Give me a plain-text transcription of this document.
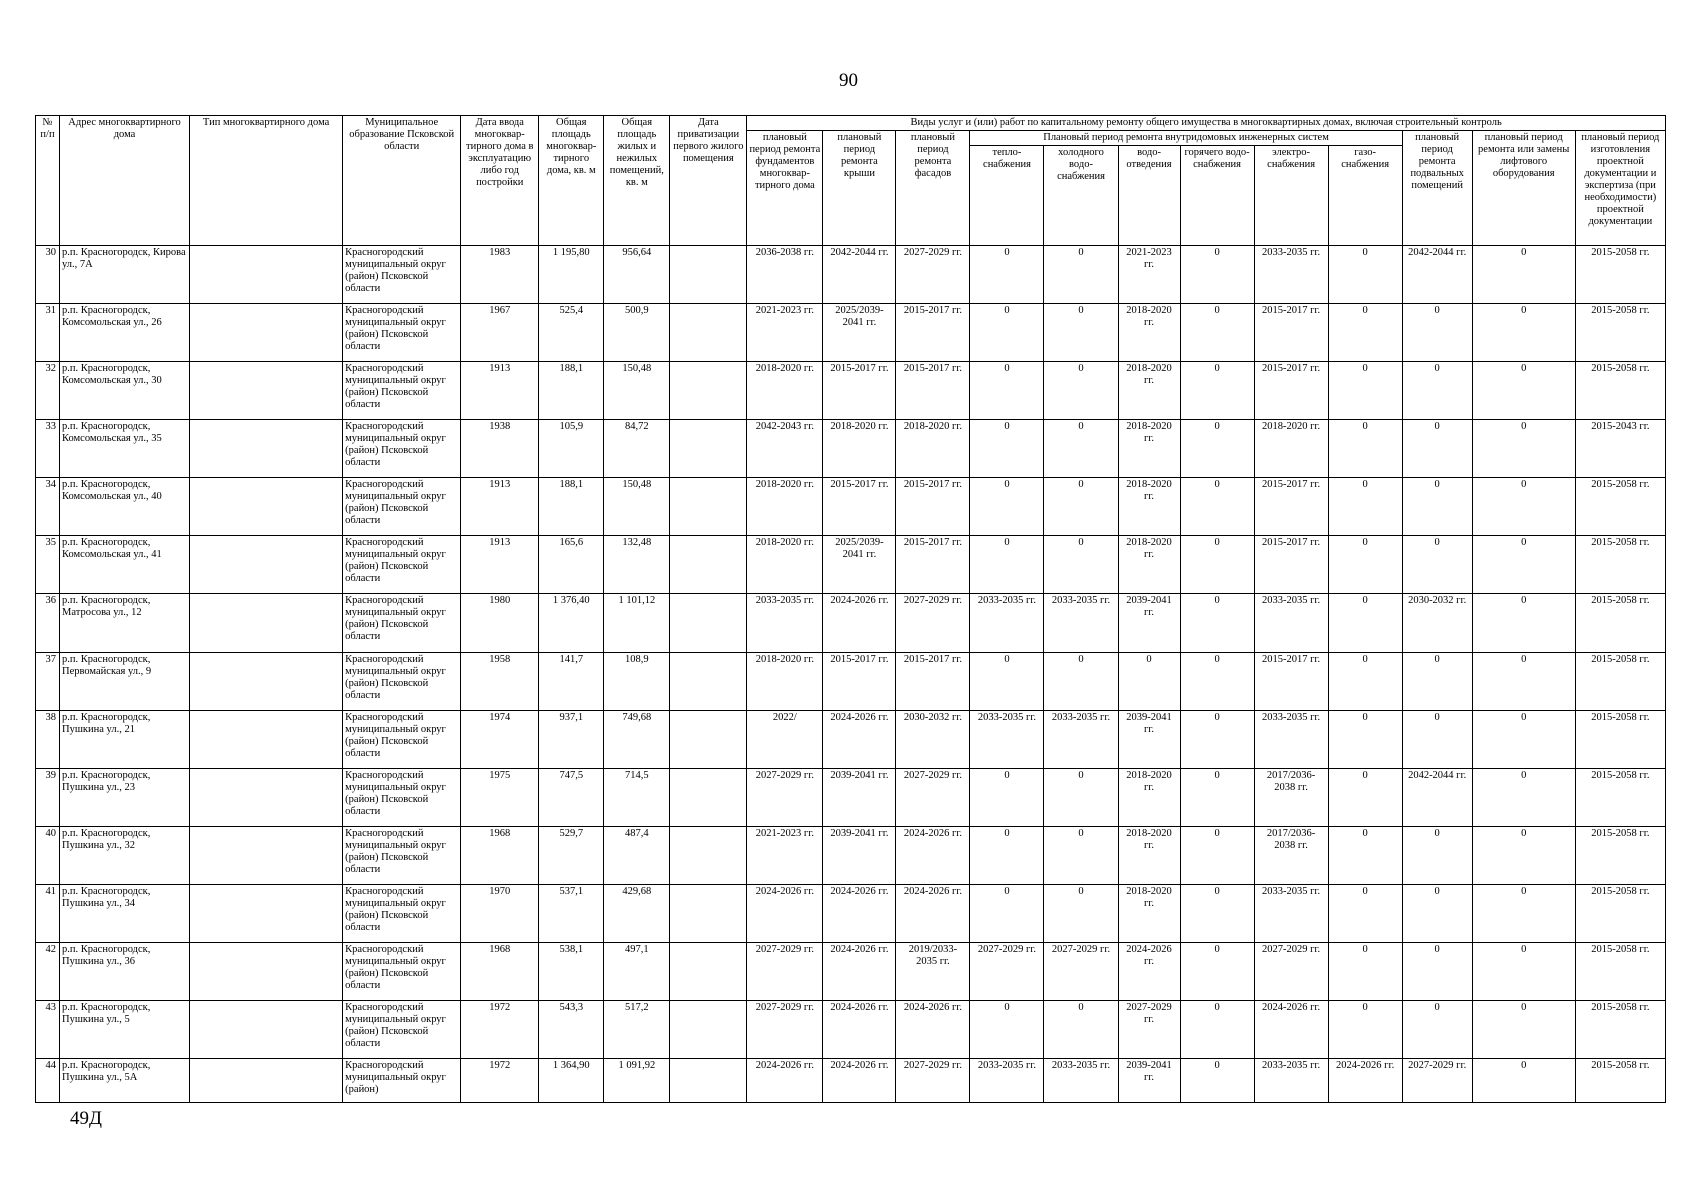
90
№ п/п	Адрес многоквартирного дома	Тип многоквартирного дома	Муниципальное образование Псковской области	Дата ввода многоквар-тирного дома в эксплуатацию либо год постройки	Общая площадь многоквар-тирного дома, кв. м	Общая площадь жилых и нежилых помещений, кв. м	Дата приватизации первого жилого помещения	Виды услуг и (или) работ по капитальному ремонту общего имущества в многоквартирных домах, включая строительный контроль											
								плановый период ремонта фундаментов многоквар-тирного дома	плановый период ремонта крыши	плановый период ремонта фасадов	Плановый период ремонта внутридомовых инженерных систем						плановый период ремонта подвальных помещений	плановый период ремонта или замены лифтового оборудования	плановый период изготовления проектной документации и экспертиза (при необходимости) проектной документации
											тепло-снабжения	холодного водо-снабжения	водо-отведения	горячего водо-снабжения	электро-снабжения	газо-снабжения			
30	р.п. Красногородск, Кирова ул., 7А		Красногородский муниципальный округ (район) Псковской области	1983	1 195,80	956,64		2036-2038 гг.	2042-2044 гг.	2027-2029 гг.	0	0	2021-2023 гг.	0	2033-2035 гг.	0	2042-2044 гг.	0	2015-2058 гг.
31	р.п. Красногородск, Комсомольская ул., 26		Красногородский муниципальный округ (район) Псковской области	1967	525,4	500,9		2021-2023 гг.	2025/2039-2041 гг.	2015-2017 гг.	0	0	2018-2020 гг.	0	2015-2017 гг.	0	0	0	2015-2058 гг.
32	р.п. Красногородск, Комсомольская ул., 30		Красногородский муниципальный округ (район) Псковской области	1913	188,1	150,48		2018-2020 гг.	2015-2017 гг.	2015-2017 гг.	0	0	2018-2020 гг.	0	2015-2017 гг.	0	0	0	2015-2058 гг.
33	р.п. Красногородск, Комсомольская ул., 35		Красногородский муниципальный округ (район) Псковской области	1938	105,9	84,72		2042-2043 гг.	2018-2020 гг.	2018-2020 гг.	0	0	2018-2020 гг.	0	2018-2020 гг.	0	0	0	2015-2043 гг.
34	р.п. Красногородск, Комсомольская ул., 40		Красногородский муниципальный округ (район) Псковской области	1913	188,1	150,48		2018-2020 гг.	2015-2017 гг.	2015-2017 гг.	0	0	2018-2020 гг.	0	2015-2017 гг.	0	0	0	2015-2058 гг.
35	р.п. Красногородск, Комсомольская ул., 41		Красногородский муниципальный округ (район) Псковской области	1913	165,6	132,48		2018-2020 гг.	2025/2039-2041 гг.	2015-2017 гг.	0	0	2018-2020 гг.	0	2015-2017 гг.	0	0	0	2015-2058 гг.
36	р.п. Красногородск, Матросова ул., 12		Красногородский муниципальный округ (район) Псковской области	1980	1 376,40	1 101,12		2033-2035 гг.	2024-2026 гг.	2027-2029 гг.	2033-2035 гг.	2033-2035 гг.	2039-2041 гг.	0	2033-2035 гг.	0	2030-2032 гг.	0	2015-2058 гг.
37	р.п. Красногородск, Первомайская ул., 9		Красногородский муниципальный округ (район) Псковской области	1958	141,7	108,9		2018-2020 гг.	2015-2017 гг.	2015-2017 гг.	0	0	0	0	2015-2017 гг.	0	0	0	2015-2058 гг.
38	р.п. Красногородск, Пушкина ул., 21		Красногородский муниципальный округ (район) Псковской области	1974	937,1	749,68		2022/	2024-2026 гг.	2030-2032 гг.	2033-2035 гг.	2033-2035 гг.	2039-2041 гг.	0	2033-2035 гг.	0	0	0	2015-2058 гг.
39	р.п. Красногородск, Пушкина ул., 23		Красногородский муниципальный округ (район) Псковской области	1975	747,5	714,5		2027-2029 гг.	2039-2041 гг.	2027-2029 гг.	0	0	2018-2020 гг.	0	2017/2036-2038 гг.	0	2042-2044 гг.	0	2015-2058 гг.
40	р.п. Красногородск, Пушкина ул., 32		Красногородский муниципальный округ (район) Псковской области	1968	529,7	487,4		2021-2023 гг.	2039-2041 гг.	2024-2026 гг.	0	0	2018-2020 гг.	0	2017/2036-2038 гг.	0	0	0	2015-2058 гг.
41	р.п. Красногородск, Пушкина ул., 34		Красногородский муниципальный округ (район) Псковской области	1970	537,1	429,68		2024-2026 гг.	2024-2026 гг.	2024-2026 гг.	0	0	2018-2020 гг.	0	2033-2035 гг.	0	0	0	2015-2058 гг.
42	р.п. Красногородск, Пушкина ул., 36		Красногородский муниципальный округ (район) Псковской области	1968	538,1	497,1		2027-2029 гг.	2024-2026 гг.	2019/2033-2035 гг.	2027-2029 гг.	2027-2029 гг.	2024-2026 гг.	0	2027-2029 гг.	0	0	0	2015-2058 гг.
43	р.п. Красногородск, Пушкина ул., 5		Красногородский муниципальный округ (район) Псковской области	1972	543,3	517,2		2027-2029 гг.	2024-2026 гг.	2024-2026 гг.	0	0	2027-2029 гг.	0	2024-2026 гг.	0	0	0	2015-2058 гг.
44	р.п. Красногородск, Пушкина ул., 5А		Красногородский муниципальный округ (район)	1972	1 364,90	1 091,92		2024-2026 гг.	2024-2026 гг.	2027-2029 гг.	2033-2035 гг.	2033-2035 гг.	2039-2041 гг.	0	2033-2035 гг.	2024-2026 гг.	2027-2029 гг.	0	2015-2058 гг.
49Д
